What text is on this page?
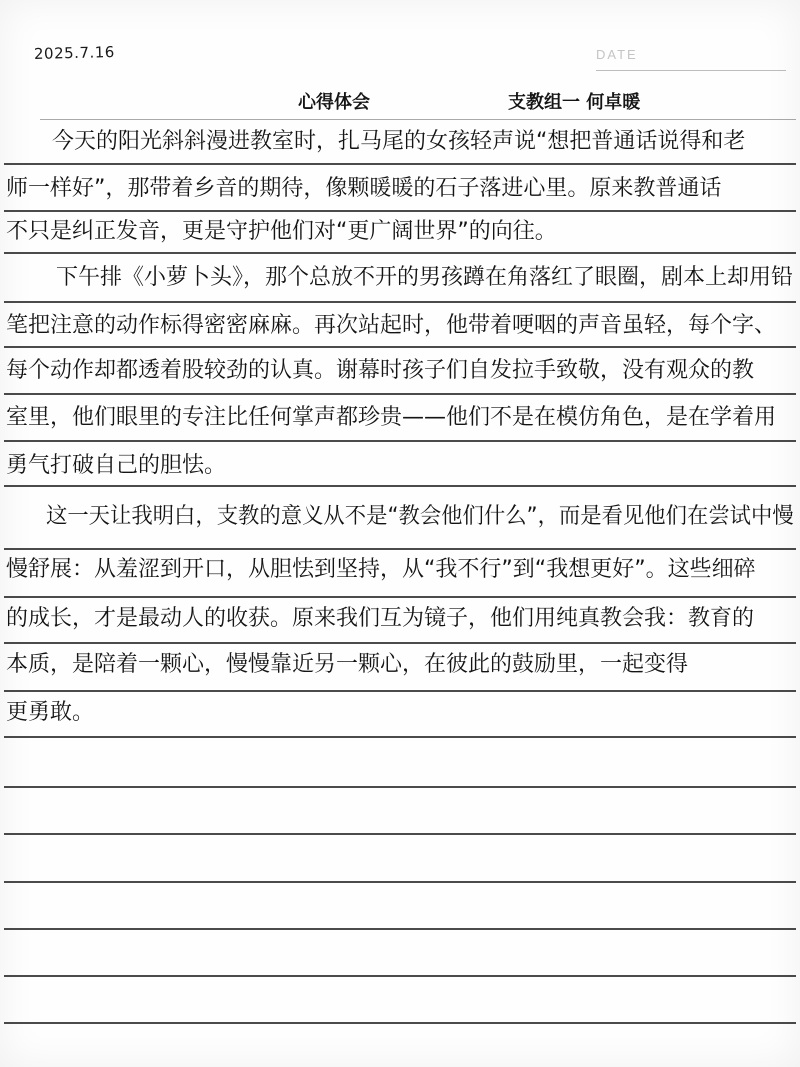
DATE
2025.7.16
心得体会	支教组一 何卓暖
今天的阳光斜斜漫进教室时，扎马尾的女孩轻声说“想把普通话说得和老
师一样好”，那带着乡音的期待，像颗暖暖的石子落进心里。原来教普通话
不只是纠正发音，更是守护他们对“更广阔世界”的向往。
下午排《小萝卜头》，那个总放不开的男孩蹲在角落红了眼圈，剧本上却用铅
笔把注意的动作标得密密麻麻。再次站起时，他带着哽咽的声音虽轻，每个字、
每个动作却都透着股较劲的认真。谢幕时孩子们自发拉手致敬，没有观众的教
室里，他们眼里的专注比任何掌声都珍贵——他们不是在模仿角色，是在学着用
勇气打破自己的胆怯。
这一天让我明白，支教的意义从不是“教会他们什么”，而是看见他们在尝试中慢
慢舒展：从羞涩到开口，从胆怯到坚持，从“我不行”到“我想更好”。这些细碎
的成长，才是最动人的收获。原来我们互为镜子，他们用纯真教会我：教育的
本质，是陪着一颗心，慢慢靠近另一颗心，在彼此的鼓励里，一起变得
更勇敢。
